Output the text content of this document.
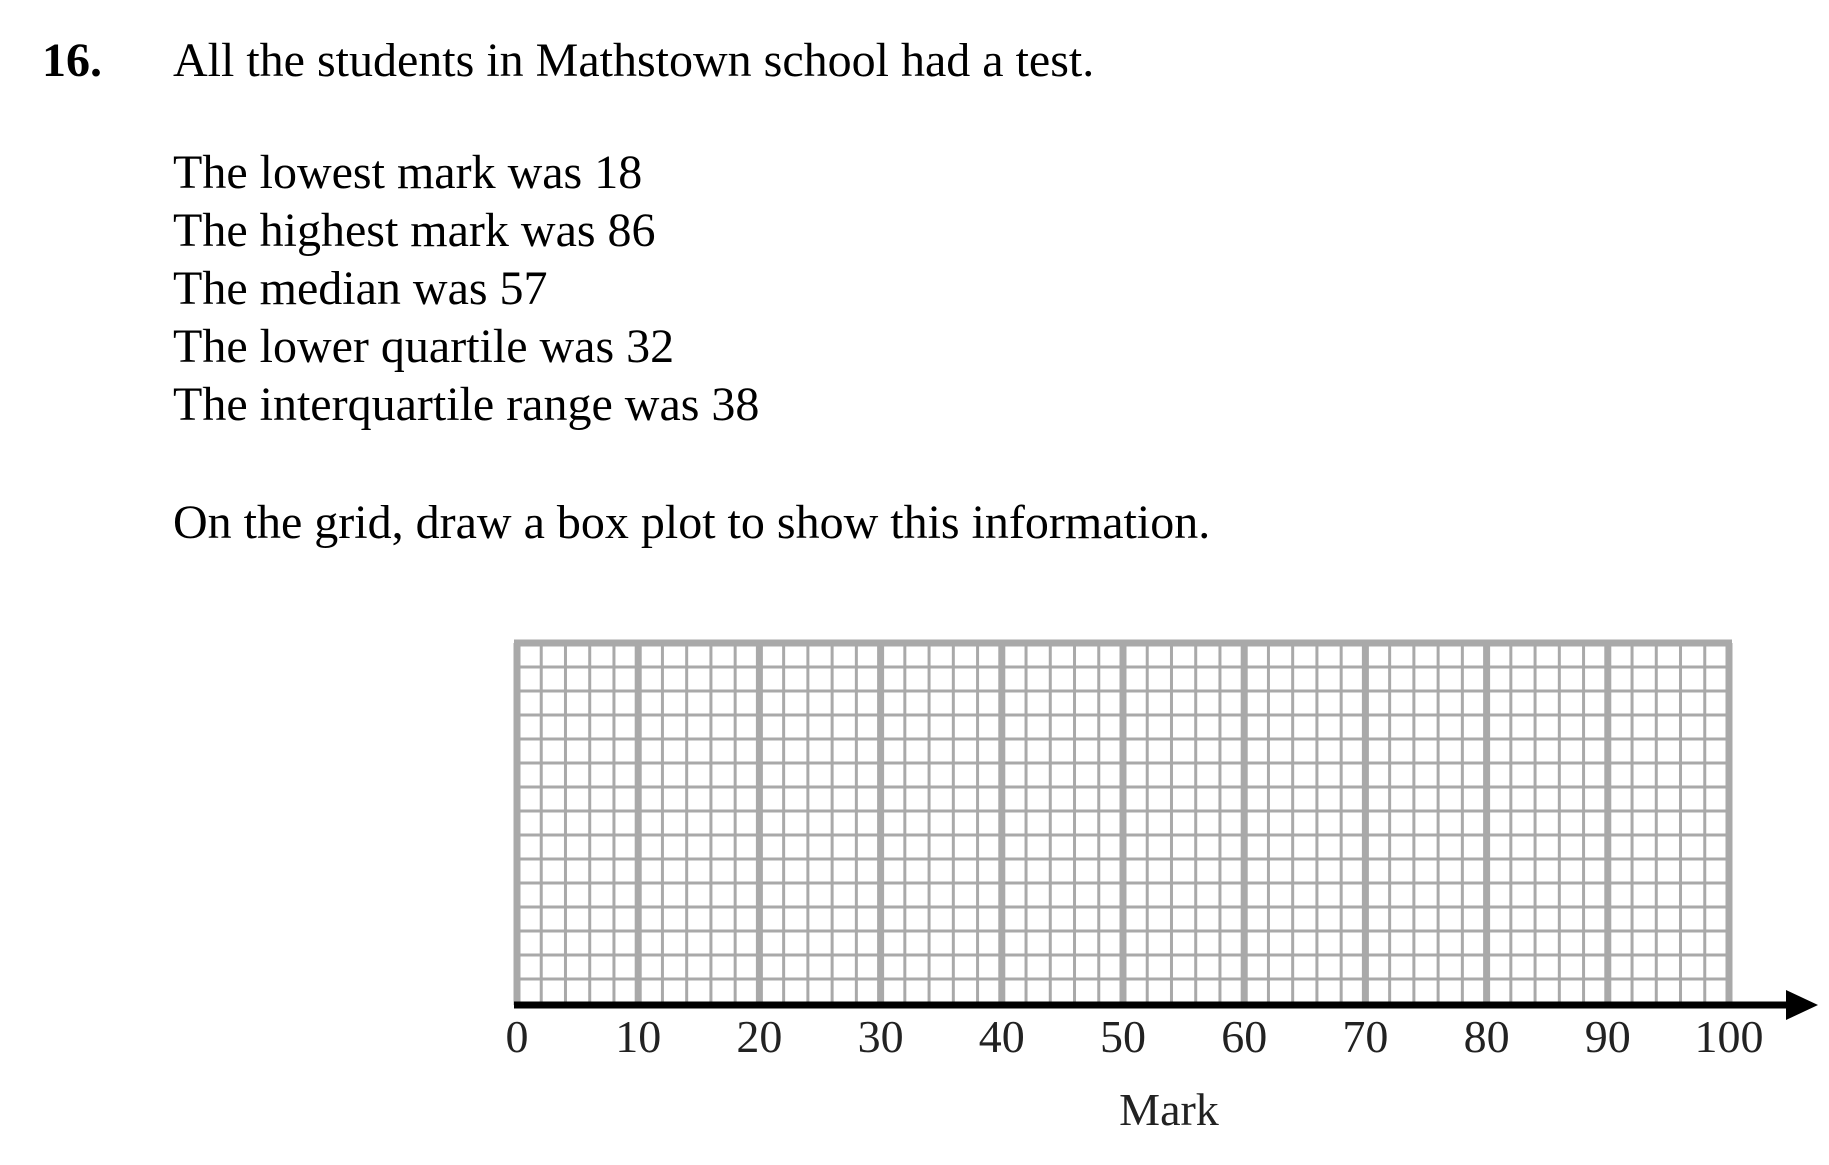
16. All the students in Mathstown school had a test.
The lowest mark was 18
The highest mark was 86
The median was 57
The lower quartile was 32
The interquartile range was 38
On the grid, draw a box plot to show this information.
0 10 20 30 40 50 60 70 80 90 100
Mark
